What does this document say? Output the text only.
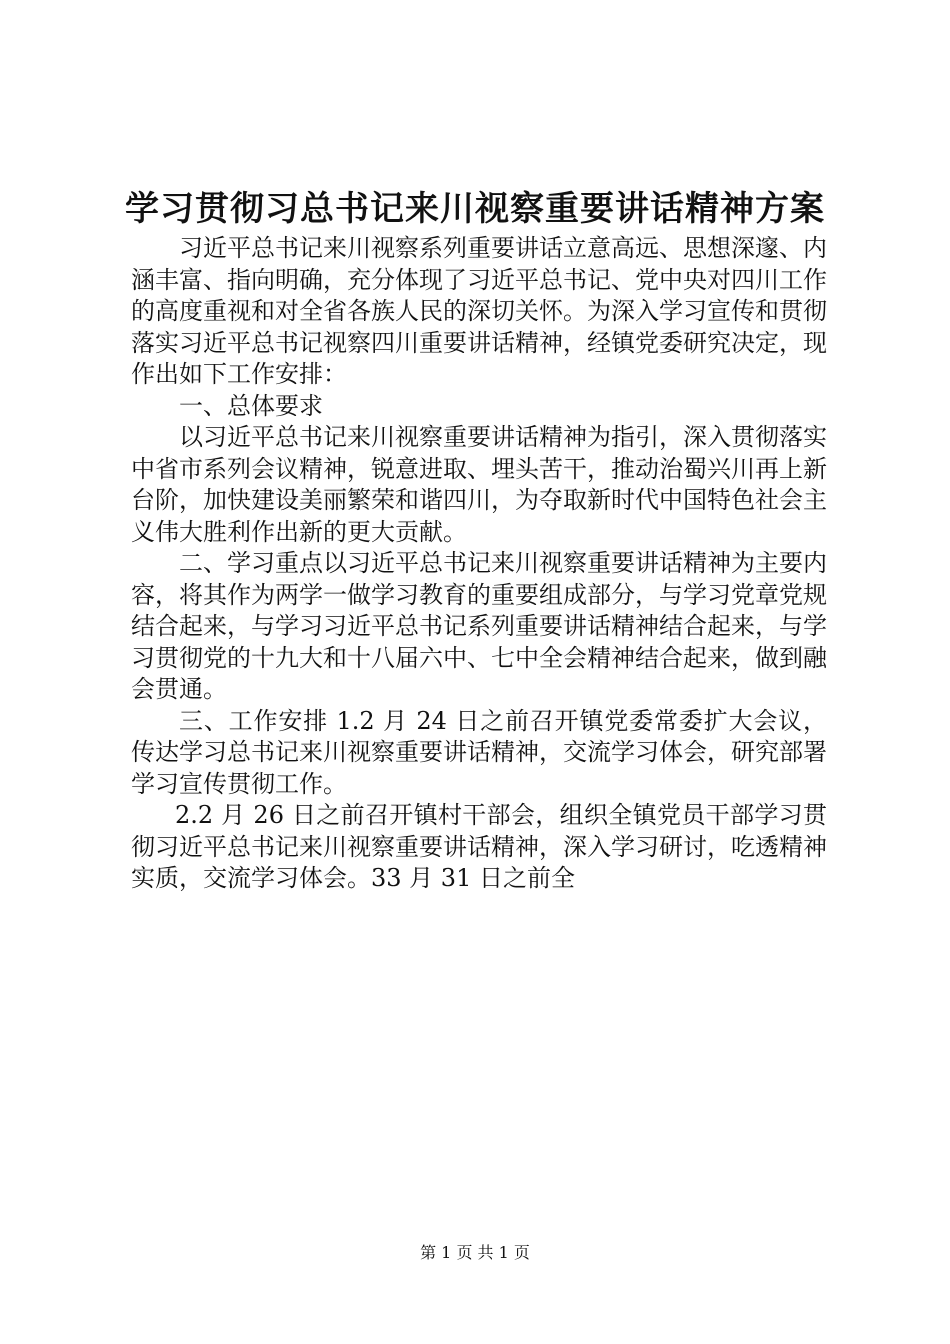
学习贯彻习总书记来川视察重要讲话精神方案

习近平总书记来川视察系列重要讲话立意高远、思想深邃、内涵丰富、指向明确，充分体现了习近平总书记、党中央对四川工作的高度重视和对全省各族人民的深切关怀。为深入学习宣传和贯彻落实习近平总书记视察四川重要讲话精神，经镇党委研究决定，现作出如下工作安排：

一、总体要求

以习近平总书记来川视察重要讲话精神为指引，深入贯彻落实中省市系列会议精神，锐意进取、埋头苦干，推动治蜀兴川再上新台阶，加快建设美丽繁荣和谐四川，为夺取新时代中国特色社会主义伟大胜利作出新的更大贡献。

二、学习重点以习近平总书记来川视察重要讲话精神为主要内容，将其作为两学一做学习教育的重要组成部分，与学习党章党规结合起来，与学习习近平总书记系列重要讲话精神结合起来，与学习贯彻党的十九大和十八届六中、七中全会精神结合起来，做到融会贯通。

三、工作安排 1.2 月 24 日之前召开镇党委常委扩大会议，传达学习总书记来川视察重要讲话精神，交流学习体会，研究部署学习宣传贯彻工作。

2.2 月 26 日之前召开镇村干部会，组织全镇党员干部学习贯彻习近平总书记来川视察重要讲话精神，深入学习研讨，吃透精神实质，交流学习体会。33 月 31 日之前全

第 1 页 共 1 页
